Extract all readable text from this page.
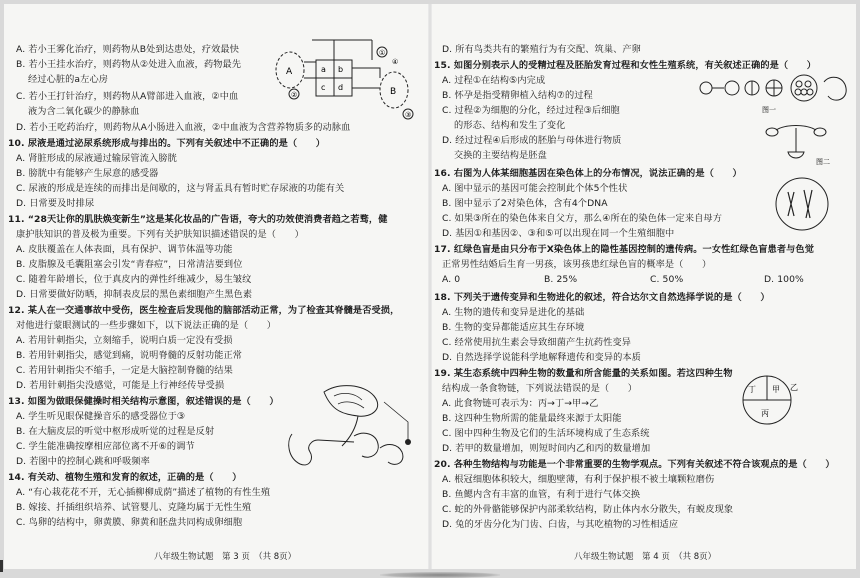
A. 若小王雾化治疗，则药物从B处到达患处，疗效最快
B. 若小王挂水治疗，则药物从②处进入血液，药物最先
经过心脏的a左心房
C. 若小王打针治疗，则药物从A臂部进入血液，②中血
液为含二氧化碳少的静脉血
D. 若小王吃药治疗，则药物从A小肠进入血液，②中血液为含营养物质多的动脉血
A
B
a b
c d
①
②
③
④
10. 尿液是通过泌尿系统形成与排出的。下列有关叙述中不正确的是（　　）
A. 肾脏形成的尿液通过输尿管流入膀胱
B. 膀胱中有能够产生尿意的感受器
C. 尿液的形成是连续的而排出是间歇的，这与肾盂具有暂时贮存尿液的功能有关
D. 日常要及时排尿
11. “28天让你的肌肤焕变新生”这是某化妆品的广告语，夸大的功效使消费者趋之若骛，健
康护肤知识的普及极为重要。下列有关护肤知识描述错误的是（　　）
A. 皮肤覆盖在人体表面，具有保护、调节体温等功能
B. 皮脂腺及毛囊阻塞会引发“青春痘”，日常清洁要到位
C. 随着年龄增长，位于真皮内的弹性纤维减少，易生皱纹
D. 日常要做好防晒，抑制表皮层的黑色素细胞产生黑色素
12. 某人在一交通事故中受伤，医生检查后发现他的脑部活动正常，为了检查其脊髓是否受损，
对他进行蒙眼测试的一些步骤如下，以下说法正确的是（　　）
A. 若用针刺指尖，立刻缩手，说明白质一定没有受损
B. 若用针刺指尖，感觉到痛，说明脊髓的反射功能正常
C. 若用针刺指尖不缩手，一定是大脑控制脊髓的结果
D. 若用针刺指尖没感觉，可能是上行神经传导受损
13. 如图为做眼保健操时相关结构示意图，叙述错误的是（　　）
A. 学生听见眼保健操音乐的感受器位于③
B. 在大脑皮层的听觉中枢形成听觉的过程是反射
C. 学生能准确按摩相应部位离不开⑥的调节
D. 若图中的控制心跳和呼吸频率
14. 有关动、植物生殖和发育的叙述，正确的是（　　）
A. “有心栽花花不开，无心插柳柳成荫”描述了植物的有性生殖
B. 嫁接、扦插组织培养、试管婴儿、克隆均属于无性生殖
C. 鸟卵的结构中，卵黄膜、卵黄和胚盘共同构成卵细胞
八年级生物试题　第 3 页　（共 8页）
D. 所有鸟类共有的繁殖行为有交配、筑巢、产卵
15. 如图分别表示人的受精过程及胚胎发育过程和女性生殖系统，有关叙述正确的是（　　）
A. 过程①在结构⑤内完成
B. 怀孕是指受精卵植入结构⑦的过程
C. 过程②为细胞的分化，经过过程③后细胞
的形态、结构和发生了变化
D. 经过过程④后形成的胚胎与母体进行物质
交换的主要结构是胚盘
图一
图二
16. 右图为人体某细胞基因在染色体上的分布情况，说法正确的是（　　）
A. 图中显示的基因可能会控制此个体5个性状
B. 图中显示了2对染色体，含有4个DNA
C. 如果③所在的染色体来自父方，那么④所在的染色体一定来自母方
D. 基因①和基因②、③和⑤可以出现在同一个生殖细胞中
17. 红绿色盲是由只分布于X染色体上的隐性基因控制的遗传病。一女性红绿色盲患者与色觉
正常男性结婚后生育一男孩，该男孩患红绿色盲的概率是（　　）
A. 0	B. 25%	C. 50%	D. 100%
18. 下列关于遗传变异和生物进化的叙述，符合达尔文自然选择学说的是（　　）
A. 生物的遗传和变异是进化的基础
B. 生物的变异都能适应其生存环境
C. 经常使用抗生素会导致细菌产生抗药性变异
D. 自然选择学说能科学地解释遗传和变异的本质
19. 某生态系统中四种生物的数量和所含能量的关系如图。若这四种生物
结构成一条食物链，下列说法错误的是（　　）
A. 此食物链可表示为：丙→丁→甲→乙
B. 这四种生物所需的能量最终来源于太阳能
C. 图中四种生物及它们的生活环境构成了生态系统
D. 若甲的数量增加，则短时间内乙和丙的数量增加
丁 甲 乙
丙
20. 各种生物结构与功能是一个非常重要的生物学观点。下列有关叙述不符合该观点的是（　　）
A. 根冠细胞体积较大，细胞壁薄，有利于保护根不被土壤颗粒磨伤
B. 鱼鳃内含有丰富的血管，有利于进行气体交换
C. 蛇的外骨骼能够保护内部柔软结构，防止体内水分散失，有蜕皮现象
D. 兔的牙齿分化为门齿、臼齿，与其吃植物的习性相适应
八年级生物试题　第 4 页　（共 8页）
